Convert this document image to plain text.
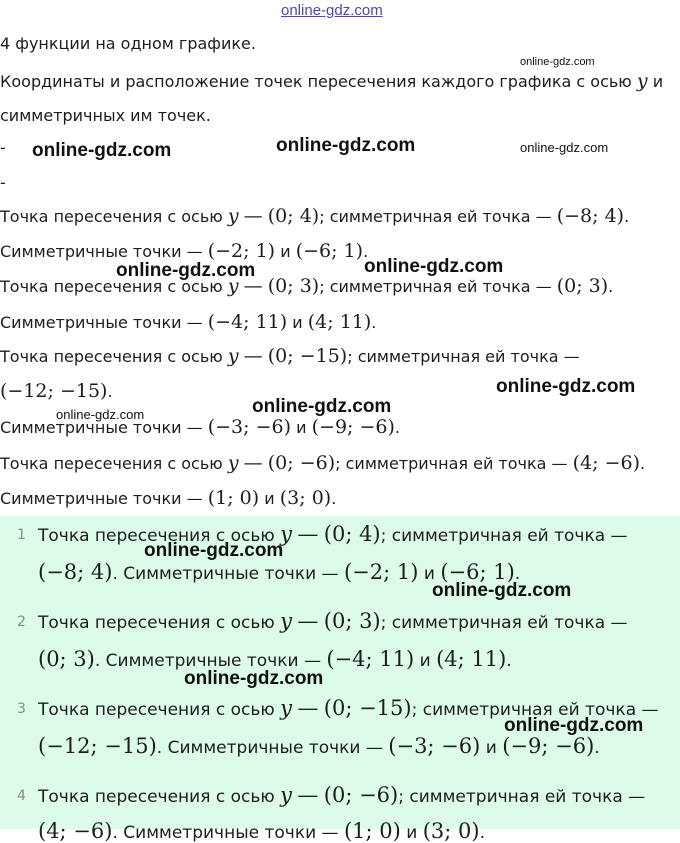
online-gdz.com
4 функции на одном графике.
Координаты и расположение точек пересечения каждого графика с осью y и
симметричных им точек.
-
-
Точка пересечения с осью y — (0; 4); симметричная ей точка — (−8; 4).
Симметричные точки — (−2; 1) и (−6; 1).
Точка пересечения с осью y — (0; 3); симметричная ей точка — (0; 3).
Симметричные точки — (−4; 11) и (4; 11).
Точка пересечения с осью y — (0; −15); симметричная ей точка —
(−12; −15).
Симметричные точки — (−3; −6) и (−9; −6).
Точка пересечения с осью y — (0; −6); симметричная ей точка — (4; −6).
Симметричные точки — (1; 0) и (3; 0).
1 Точка пересечения с осью y — (0; 4); симметричная ей точка —
(−8; 4). Симметричные точки — (−2; 1) и (−6; 1).
2 Точка пересечения с осью y — (0; 3); симметричная ей точка —
(0; 3). Симметричные точки — (−4; 11) и (4; 11).
3 Точка пересечения с осью y — (0; −15); симметричная ей точка —
(−12; −15). Симметричные точки — (−3; −6) и (−9; −6).
4 Точка пересечения с осью y — (0; −6); симметричная ей точка —
(4; −6). Симметричные точки — (1; 0) и (3; 0).
online-gdz.com
online-gdz.com	online-gdz.com	online-gdz.com
online-gdz.com	online-gdz.com
online-gdz.com
online-gdz.com
online-gdz.com
online-gdz.com
online-gdz.com
online-gdz.com
online-gdz.com
